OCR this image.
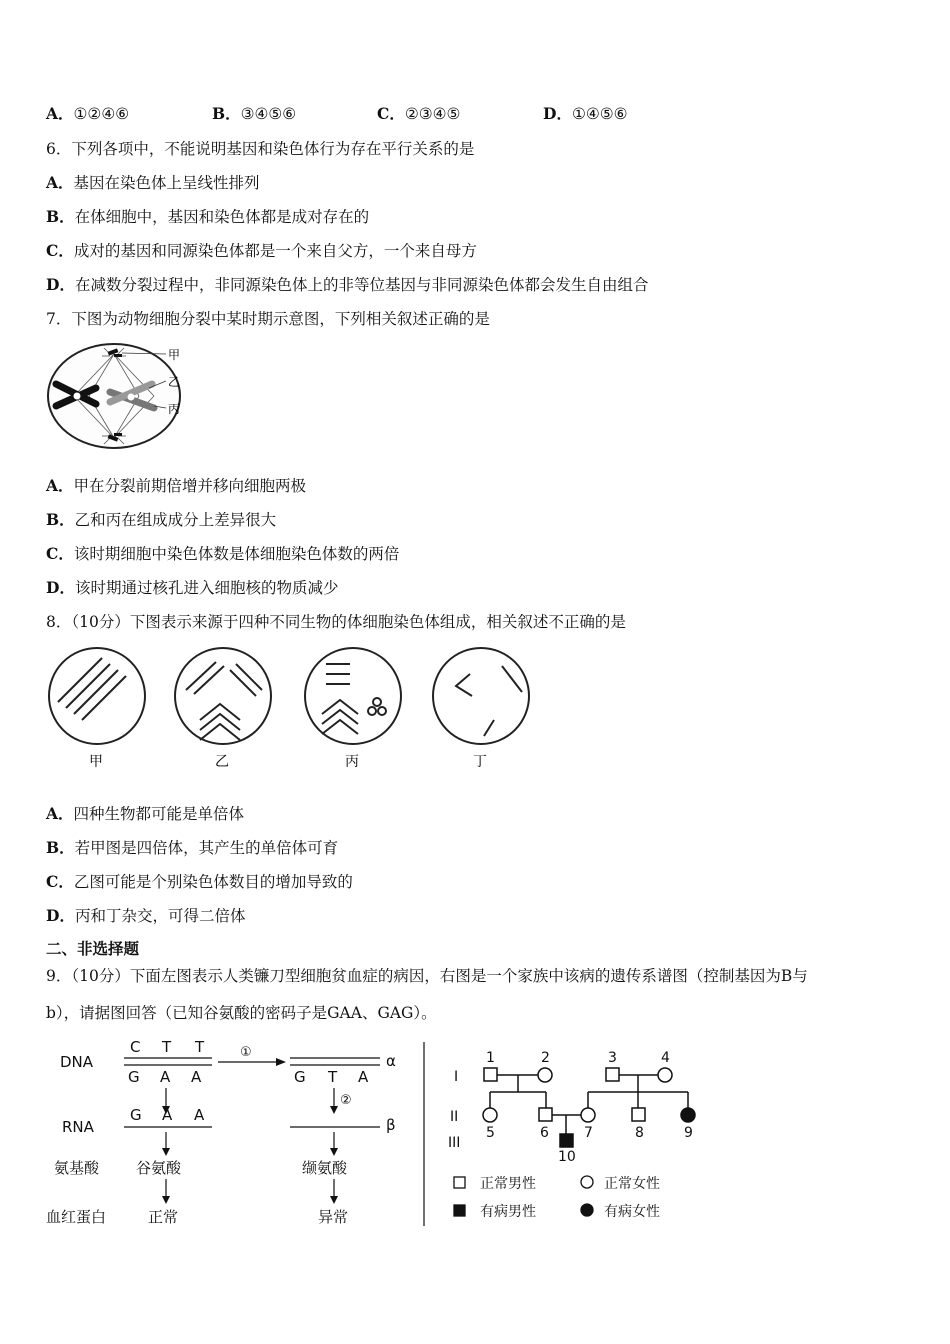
A．①②④⑥	B．③④⑤⑥	C．②③④⑤	D．①④⑤⑥
6．下列各项中，不能说明基因和染色体行为存在平行关系的是
A．基因在染色体上呈线性排列
B．在体细胞中，基因和染色体都是成对存在的
C．成对的基因和同源染色体都是一个来自父方，一个来自母方
D．在减数分裂过程中，非同源染色体上的非等位基因与非同源染色体都会发生自由组合
7．下图为动物细胞分裂中某时期示意图，下列相关叙述正确的是
甲
乙
丙
A．甲在分裂前期倍增并移向细胞两极
B．乙和丙在组成成分上差异很大
C．该时期细胞中染色体数是体细胞染色体数的两倍
D．该时期通过核孔进入细胞核的物质减少
8．（10分）下图表示来源于四种不同生物的体细胞染色体组成，相关叙述不正确的是
甲	乙	丙	丁
A．四种生物都可能是单倍体
B．若甲图是四倍体，其产生的单倍体可育
C．乙图可能是个别染色体数目的增加导致的
D．丙和丁杂交，可得二倍体
二、非选择题
9．（10分）下面左图表示人类镰刀型细胞贫血症的病因，右图是一个家族中该病的遗传系谱图（控制基因为B与
b），请据图回答（已知谷氨酸的密码子是GAA、GAG）。
DNA
RNA
氨基酸
血红蛋白
C T T
G A A
①	α
G T A
G A A
②
β
谷氨酸	缬氨酸
正常	异常
I
II
III
1	2	3	4
5	6	7	8	9
10
正常男性	正常女性
有病男性	有病女性
